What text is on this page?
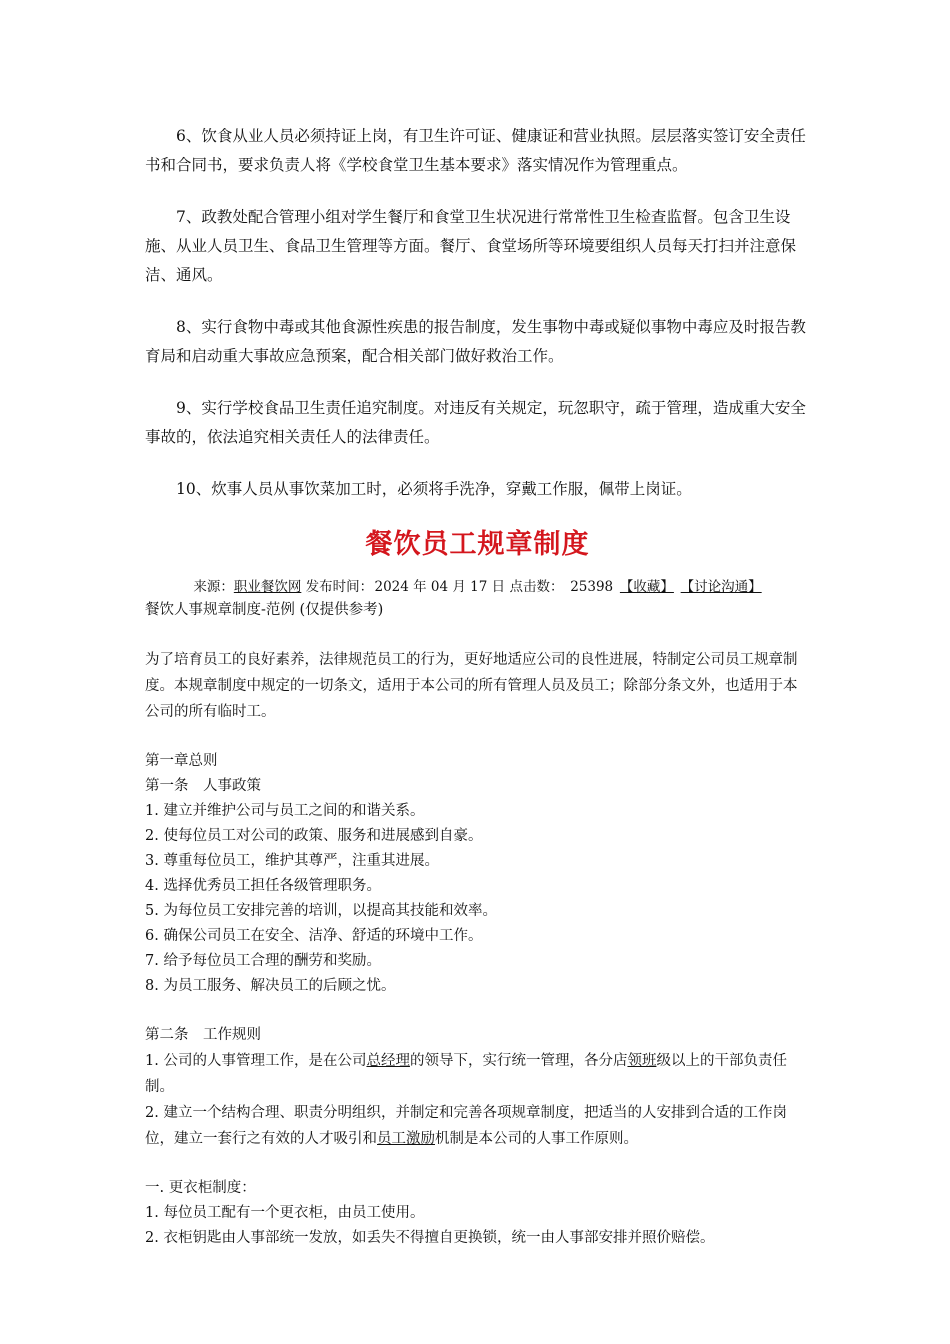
6、饮食从业人员必须持证上岗，有卫生许可证、健康证和营业执照。层层落实签订安全责任书和合同书，要求负责人将《学校食堂卫生基本要求》落实情况作为管理重点。

7、政教处配合管理小组对学生餐厅和食堂卫生状况进行常常性卫生检查监督。包含卫生设施、从业人员卫生、食品卫生管理等方面。餐厅、食堂场所等环境要组织人员每天打扫并注意保洁、通风。

8、实行食物中毒或其他食源性疾患的报告制度，发生事物中毒或疑似事物中毒应及时报告教育局和启动重大事故应急预案，配合相关部门做好救治工作。

9、实行学校食品卫生责任追究制度。对违反有关规定，玩忽职守，疏于管理，造成重大安全事故的，依法追究相关责任人的法律责任。

10、炊事人员从事饮菜加工时，必须将手洗净，穿戴工作服，佩带上岗证。

餐饮员工规章制度
来源：职业餐饮网 发布时间： 2024 年 04 月 17 日 点击数：  25398  【收藏】  【讨论沟通】
餐饮人事规章制度-范例 (仅提供参考)
为了培育员工的良好素养，法律规范员工的行为，更好地适应公司的良性进展，特制定公司员工规章制度。本规章制度中规定的一切条文，适用于本公司的所有管理人员及员工；除部分条文外，也适用于本公司的所有临时工。
第一章总则
第一条　人事政策
1. 建立并维护公司与员工之间的和谐关系。
2. 使每位员工对公司的政策、服务和进展感到自豪。
3. 尊重每位员工，维护其尊严，注重其进展。
4. 选择优秀员工担任各级管理职务。
5. 为每位员工安排完善的培训，以提高其技能和效率。
6. 确保公司员工在安全、洁净、舒适的环境中工作。
7. 给予每位员工合理的酬劳和奖励。
8. 为员工服务、解决员工的后顾之忧。
第二条　工作规则
1. 公司的人事管理工作，是在公司总经理的领导下，实行统一管理，各分店领班级以上的干部负责任制。
2. 建立一个结构合理、职责分明组织，并制定和完善各项规章制度，把适当的人安排到合适的工作岗位，建立一套行之有效的人才吸引和员工激励机制是本公司的人事工作原则。
一. 更衣柜制度：
1. 每位员工配有一个更衣柜，由员工使用。
2. 衣柜钥匙由人事部统一发放，如丢失不得擅自更换锁，统一由人事部安排并照价赔偿。
